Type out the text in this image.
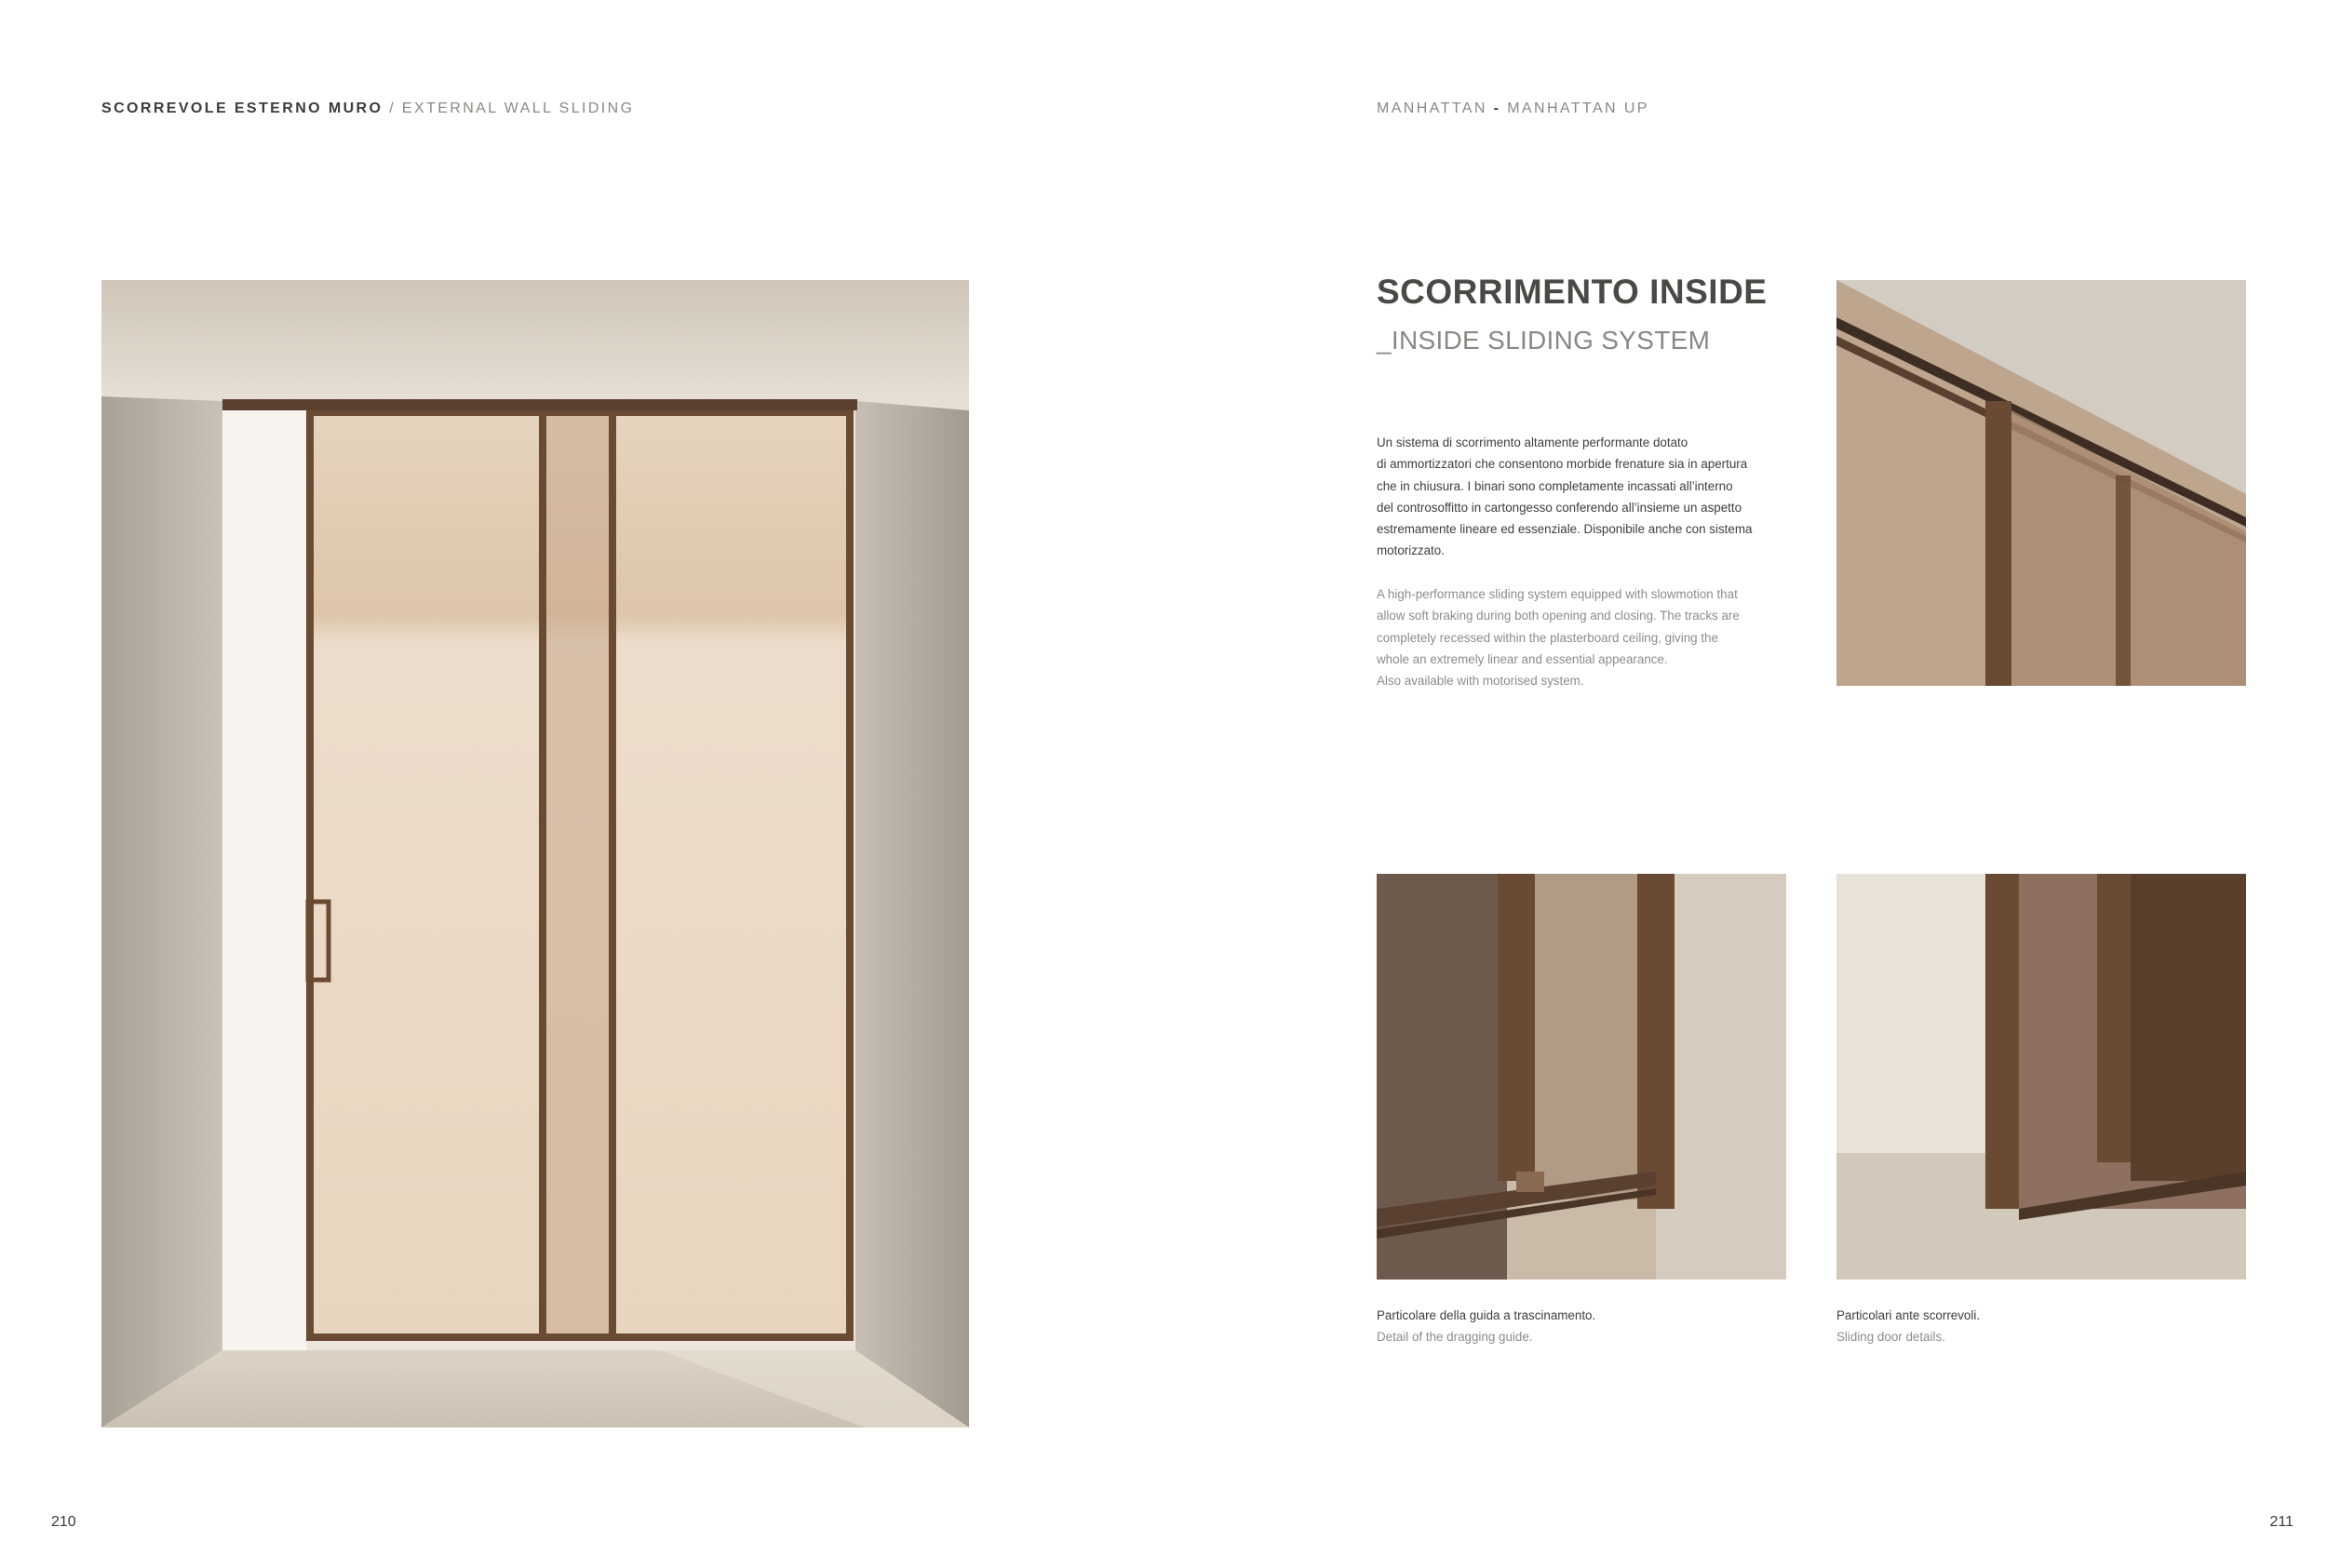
SCORREVOLE ESTERNO MURO / EXTERNAL WALL SLIDING	MANHATTAN - MANHATTAN UP
SCORRIMENTO INSIDE
_INSIDE SLIDING SYSTEM
Un sistema di scorrimento altamente performante dotato
di ammortizzatori che consentono morbide frenature sia in apertura
che in chiusura. I binari sono completamente incassati all’interno
del controsoffitto in cartongesso conferendo all’insieme un aspetto
estremamente lineare ed essenziale. Disponibile anche con sistema
motorizzato.
A high-performance sliding system equipped with slowmotion that
allow soft braking during both opening and closing. The tracks are
completely recessed within the plasterboard ceiling, giving the
whole an extremely linear and essential appearance.
Also available with motorised system.
Particolare della guida a trascinamento.
Detail of the dragging guide.
Particolari ante scorrevoli.
Sliding door details.
210	211
